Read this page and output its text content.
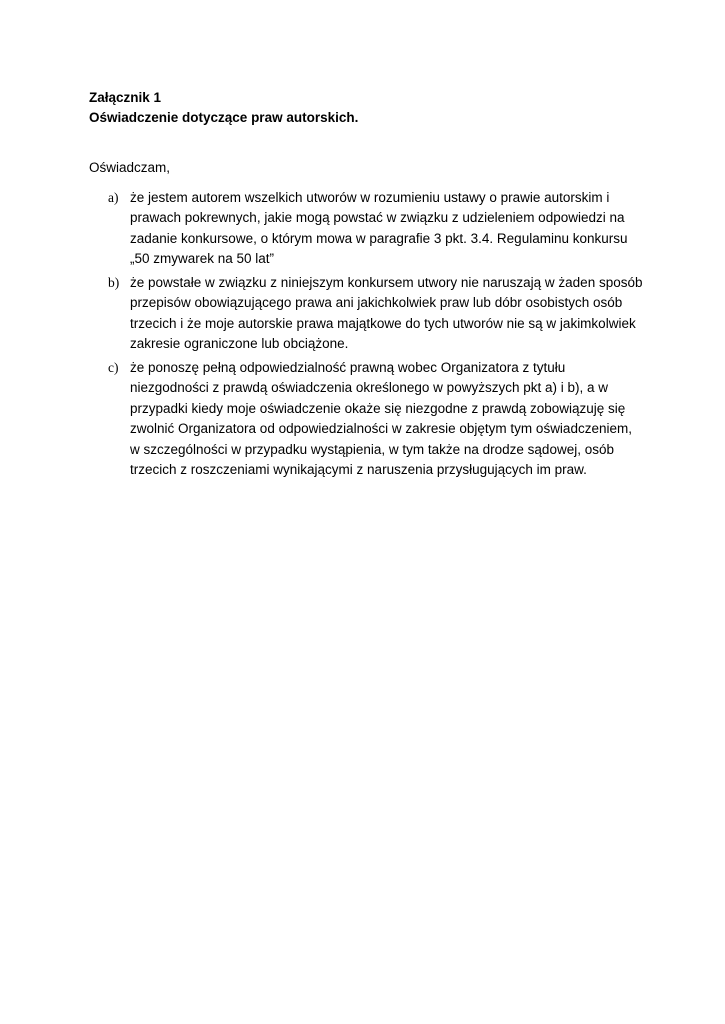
Załącznik 1
Oświadczenie dotyczące praw autorskich.
Oświadczam,
a) że jestem autorem wszelkich utworów w rozumieniu ustawy o prawie autorskim i
prawach pokrewnych, jakie mogą powstać w związku z udzieleniem odpowiedzi na
zadanie konkursowe, o którym mowa w paragrafie 3 pkt. 3.4. Regulaminu konkursu
„50 zmywarek na 50 lat”
b) że powstałe w związku z niniejszym konkursem utwory nie naruszają w żaden sposób
przepisów obowiązującego prawa ani jakichkolwiek praw lub dóbr osobistych osób
trzecich i że moje autorskie prawa majątkowe do tych utworów nie są w jakimkolwiek
zakresie ograniczone lub obciążone.
c) że ponoszę pełną odpowiedzialność prawną wobec Organizatora z tytułu
niezgodności z prawdą oświadczenia określonego w powyższych pkt a) i b), a w
przypadki kiedy moje oświadczenie okaże się niezgodne z prawdą zobowiązuję się
zwolnić Organizatora od odpowiedzialności w zakresie objętym tym oświadczeniem,
w szczególności w przypadku wystąpienia, w tym także na drodze sądowej, osób
trzecich z roszczeniami wynikającymi z naruszenia przysługujących im praw.
